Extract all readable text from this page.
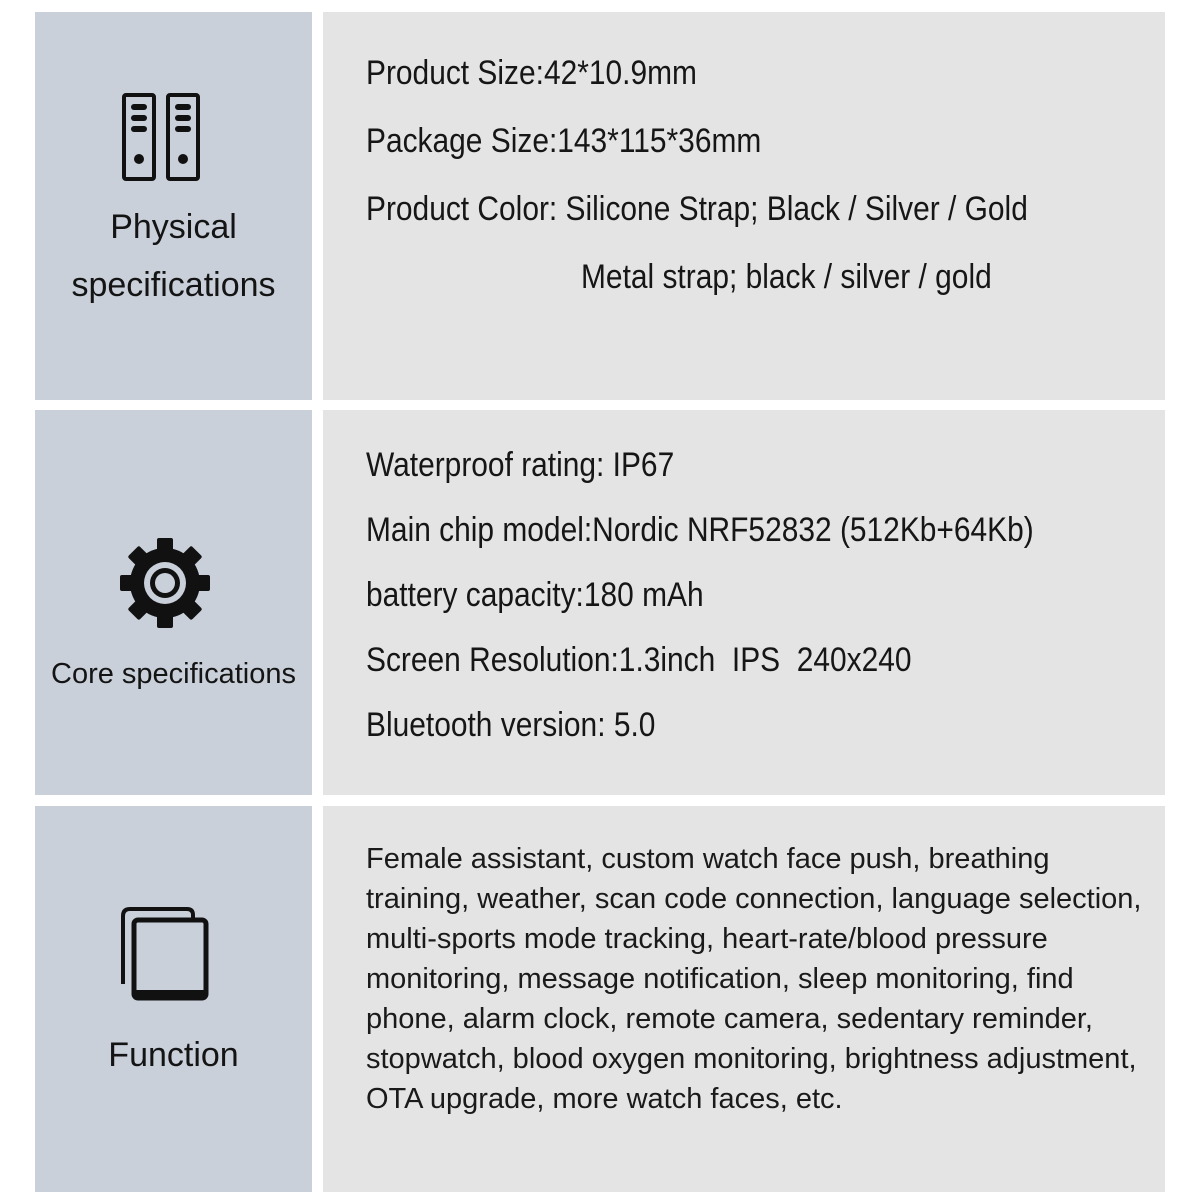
Physical
specifications

Product Size:42*10.9mm

Package Size:143*115*36mm

Product Color: Silicone Strap; Black / Silver / Gold

Metal strap; black / silver / gold

Core specifications

Waterproof rating: IP67

Main chip model:Nordic NRF52832 (512Kb+64Kb)

battery capacity:180 mAh

Screen Resolution:1.3inch  IPS  240x240

Bluetooth version: 5.0

Function

Female assistant, custom watch face push, breathing training, weather, scan code connection, language selection, multi-sports mode tracking, heart-rate/blood pressure monitoring, message notification, sleep monitoring, find phone, alarm clock, remote camera, sedentary reminder, stopwatch, blood oxygen monitoring, brightness adjustment, OTA upgrade, more watch faces, etc.
